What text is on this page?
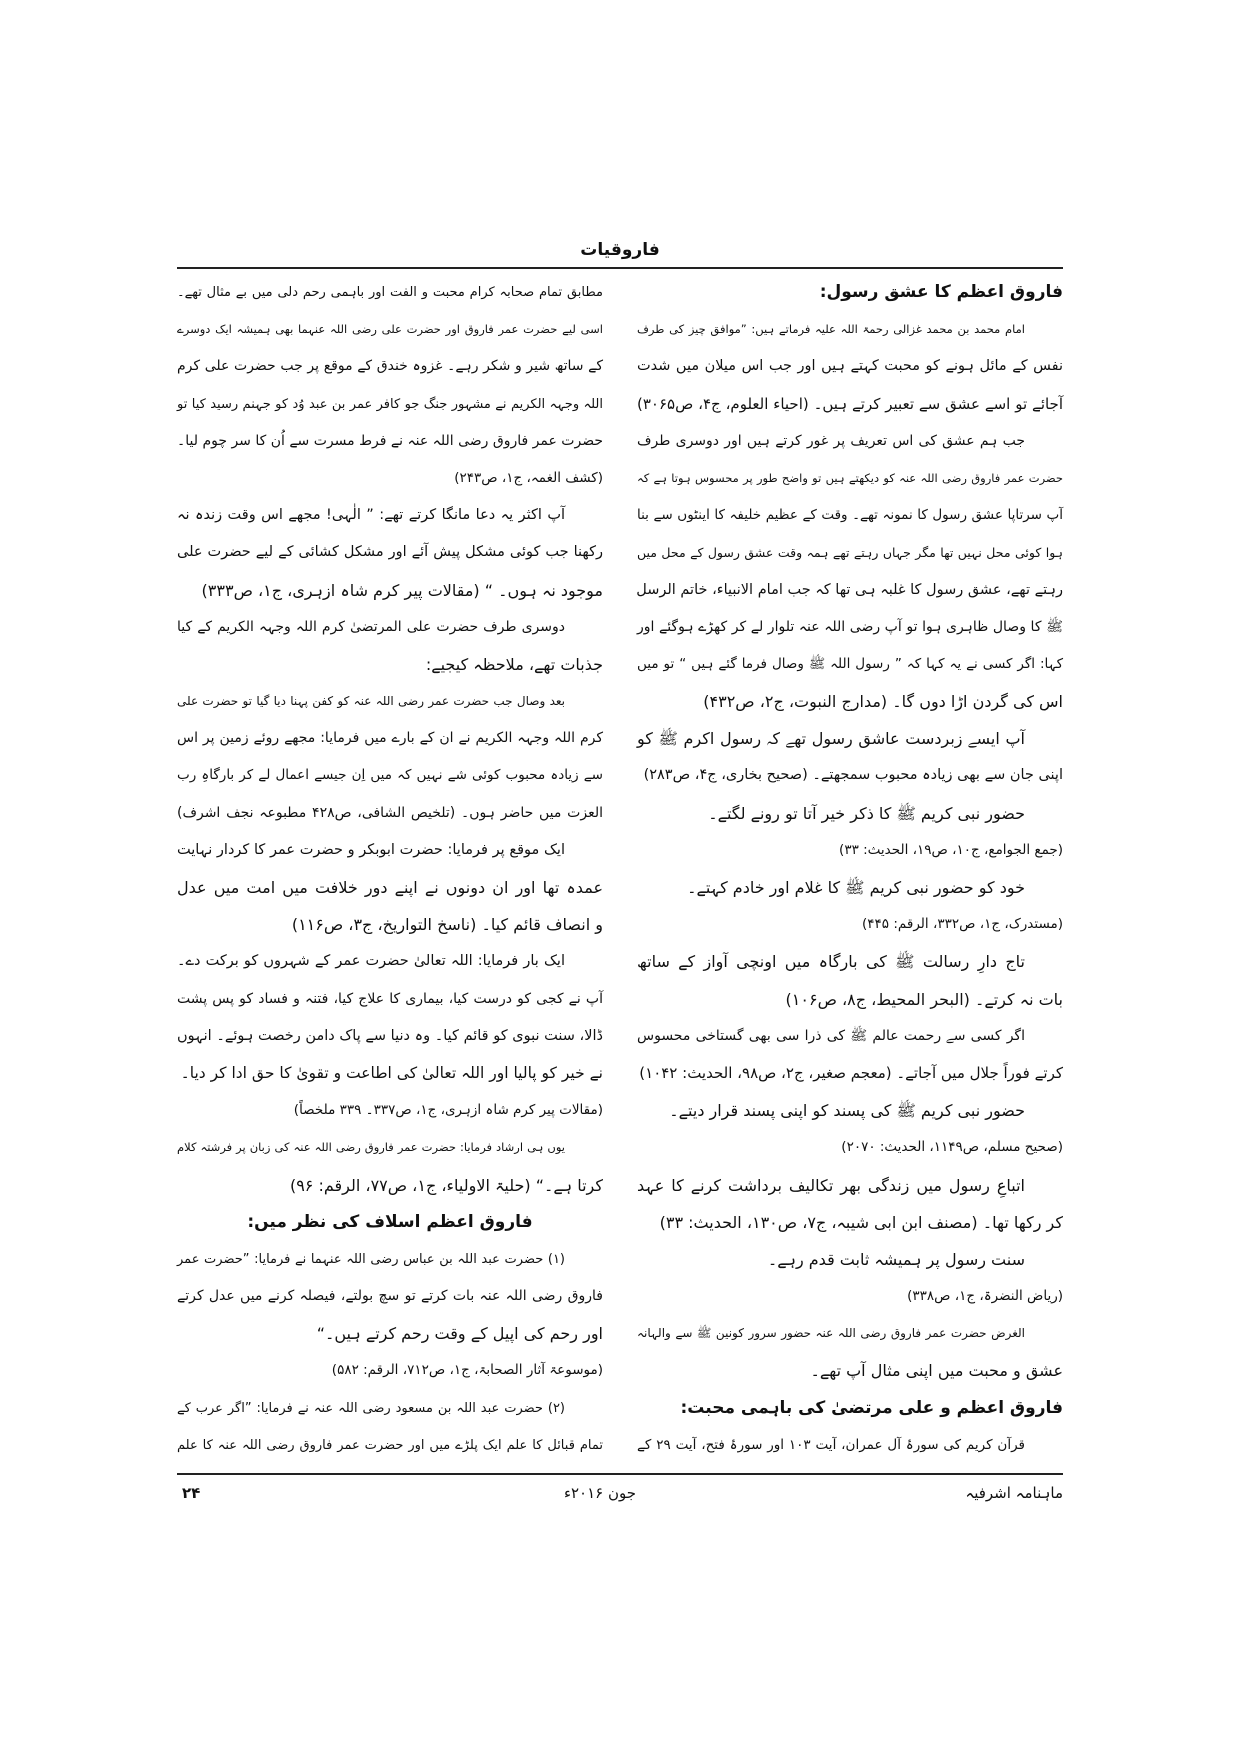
فاروقیات
فاروق اعظم کا عشق رسول:
امام محمد بن محمد غزالی رحمۃ اللہ علیہ فرماتے ہیں: ”موافق چیز کی طرف
نفس کے مائل ہونے کو محبت کہتے ہیں اور جب اس میلان میں شدت
آجائے تو اسے عشق سے تعبیر کرتے ہیں۔ (احیاء العلوم، ج۴، ص۳۰۶۵)
جب ہم عشق کی اس تعریف پر غور کرتے ہیں اور دوسری طرف
حضرت عمر فاروق رضی اللہ عنہ کو دیکھتے ہیں تو واضح طور پر محسوس ہوتا ہے کہ
آپ سرتاپا عشق رسول کا نمونہ تھے۔ وقت کے عظیم خلیفہ کا اینٹوں سے بنا
ہوا کوئی محل نہیں تھا مگر جہاں رہتے تھے ہمہ وقت عشق رسول کے محل میں
رہتے تھے، عشق رسول کا غلبہ ہی تھا کہ جب امام الانبیاء، خاتم الرسل
ﷺ کا وصال ظاہری ہوا تو آپ رضی اللہ عنہ تلوار لے کر کھڑے ہوگئے اور
کہا: اگر کسی نے یہ کہا کہ ” رسول اللہ ﷺ وصال فرما گئے ہیں “ تو میں
اس کی گردن اڑا دوں گا۔ (مدارج النبوت، ج۲، ص۴۳۲)
آپ ایسے زبردست عاشق رسول تھے کہ رسول اکرم ﷺ کو
اپنی جان سے بھی زیادہ محبوب سمجھتے۔ (صحیح بخاری، ج۴، ص۲۸۳)
حضور نبی کریم ﷺ کا ذکر خیر آتا تو رونے لگتے۔
(جمع الجوامع، ج۱۰، ص۱۹، الحدیث: ۳۳)
خود کو حضور نبی کریم ﷺ کا غلام اور خادم کہتے۔
(مستدرک، ج۱، ص۳۳۲، الرقم: ۴۴۵)
تاج دارِ رسالت ﷺ کی بارگاہ میں اونچی آواز کے ساتھ
بات نہ کرتے۔ (البحر المحیط، ج۸، ص۱۰۶)
اگر کسی سے رحمت عالم ﷺ کی ذرا سی بھی گستاخی محسوس
کرتے فوراً جلال میں آجاتے۔ (معجم صغیر، ج۲، ص۹۸، الحدیث: ۱۰۴۲)
حضور نبی کریم ﷺ کی پسند کو اپنی پسند قرار دیتے۔
(صحیح مسلم، ص۱۱۴۹، الحدیث: ۲۰۷۰)
اتباعِ رسول میں زندگی بھر تکالیف برداشت کرنے کا عہد
کر رکھا تھا۔ (مصنف ابن ابی شیبہ، ج۷، ص۱۳۰، الحدیث: ۳۳)
سنت رسول پر ہمیشہ ثابت قدم رہے۔
(ریاض النضرۃ، ج۱، ص۳۳۸)
الغرض حضرت عمر فاروق رضی اللہ عنہ حضور سرور کونین ﷺ سے والہانہ
عشق و محبت میں اپنی مثال آپ تھے۔
فاروق اعظم و علی مرتضیٰ کی باہمی محبت:
قرآن کریم کی سورۂ آل عمران، آیت ۱۰۳ اور سورۂ فتح، آیت ۲۹ کے
مطابق تمام صحابہ کرام محبت و الفت اور باہمی رحم دلی میں بے مثال تھے۔
اسی لیے حضرت عمر فاروق اور حضرت علی رضی اللہ عنہما بھی ہمیشہ ایک دوسرے
کے ساتھ شیر و شکر رہے۔ غزوہ خندق کے موقع پر جب حضرت علی کرم
اللہ وجہہ الکریم نے مشہور جنگ جو کافر عمر بن عبد وُد کو جہنم رسید کیا تو
حضرت عمر فاروق رضی اللہ عنہ نے فرط مسرت سے اُن کا سر چوم لیا۔
(کشف الغمہ، ج۱، ص۲۴۳)
آپ اکثر یہ دعا مانگا کرتے تھے: ” الٰہی! مجھے اس وقت زندہ نہ
رکھنا جب کوئی مشکل پیش آئے اور مشکل کشائی کے لیے حضرت علی
موجود نہ ہوں۔ “ (مقالات پیر کرم شاہ ازہری، ج۱، ص۳۳۳)
دوسری طرف حضرت علی المرتضیٰ کرم اللہ وجہہ الکریم کے کیا
جذبات تھے، ملاحظہ کیجیے:
بعد وصال جب حضرت عمر رضی اللہ عنہ کو کفن پہنا دیا گیا تو حضرت علی
کرم اللہ وجہہ الکریم نے ان کے بارے میں فرمایا: مجھے روئے زمین پر اس
سے زیادہ محبوب کوئی شے نہیں کہ میں اِن جیسے اعمال لے کر بارگاہِ رب
العزت میں حاضر ہوں۔ (تلخیص الشافی، ص۴۲۸ مطبوعہ نجف اشرف)
ایک موقع پر فرمایا: حضرت ابوبکر و حضرت عمر کا کردار نہایت
عمدہ تھا اور ان دونوں نے اپنے دور خلافت میں امت میں عدل
و انصاف قائم کیا۔ (ناسخ التواریخ، ج۳، ص۱۱۶)
ایک بار فرمایا: اللہ تعالیٰ حضرت عمر کے شہروں کو برکت دے۔
آپ نے کجی کو درست کیا، بیماری کا علاج کیا، فتنہ و فساد کو پس پشت
ڈالا، سنت نبوی کو قائم کیا۔ وہ دنیا سے پاک دامن رخصت ہوئے۔ انہوں
نے خیر کو پالیا اور اللہ تعالیٰ کی اطاعت و تقویٰ کا حق ادا کر دیا۔
(مقالات پیر کرم شاہ ازہری، ج۱، ص۳۳۷۔ ۳۳۹ ملخصاً)
یوں ہی ارشاد فرمایا: حضرت عمر فاروق رضی اللہ عنہ کی زبان پر فرشتہ کلام
کرتا ہے۔“ (حلیۃ الاولیاء، ج۱، ص۷۷، الرقم: ۹۶)
فاروق اعظم اسلاف کی نظر میں:
(۱) حضرت عبد اللہ بن عباس رضی اللہ عنہما نے فرمایا: ”حضرت عمر
فاروق رضی اللہ عنہ بات کرتے تو سچ بولتے، فیصلہ کرنے میں عدل کرتے
اور رحم کی اپیل کے وقت رحم کرتے ہیں۔“
(موسوعۃ آثار الصحابۃ، ج۱، ص۷۱۲، الرقم: ۵۸۲)
(۲) حضرت عبد اللہ بن مسعود رضی اللہ عنہ نے فرمایا: ”اگر عرب کے
تمام قبائل کا علم ایک پلڑے میں اور حضرت عمر فاروق رضی اللہ عنہ کا علم
۲۴	جون ۲۰۱۶ء	ماہنامہ اشرفیہ
